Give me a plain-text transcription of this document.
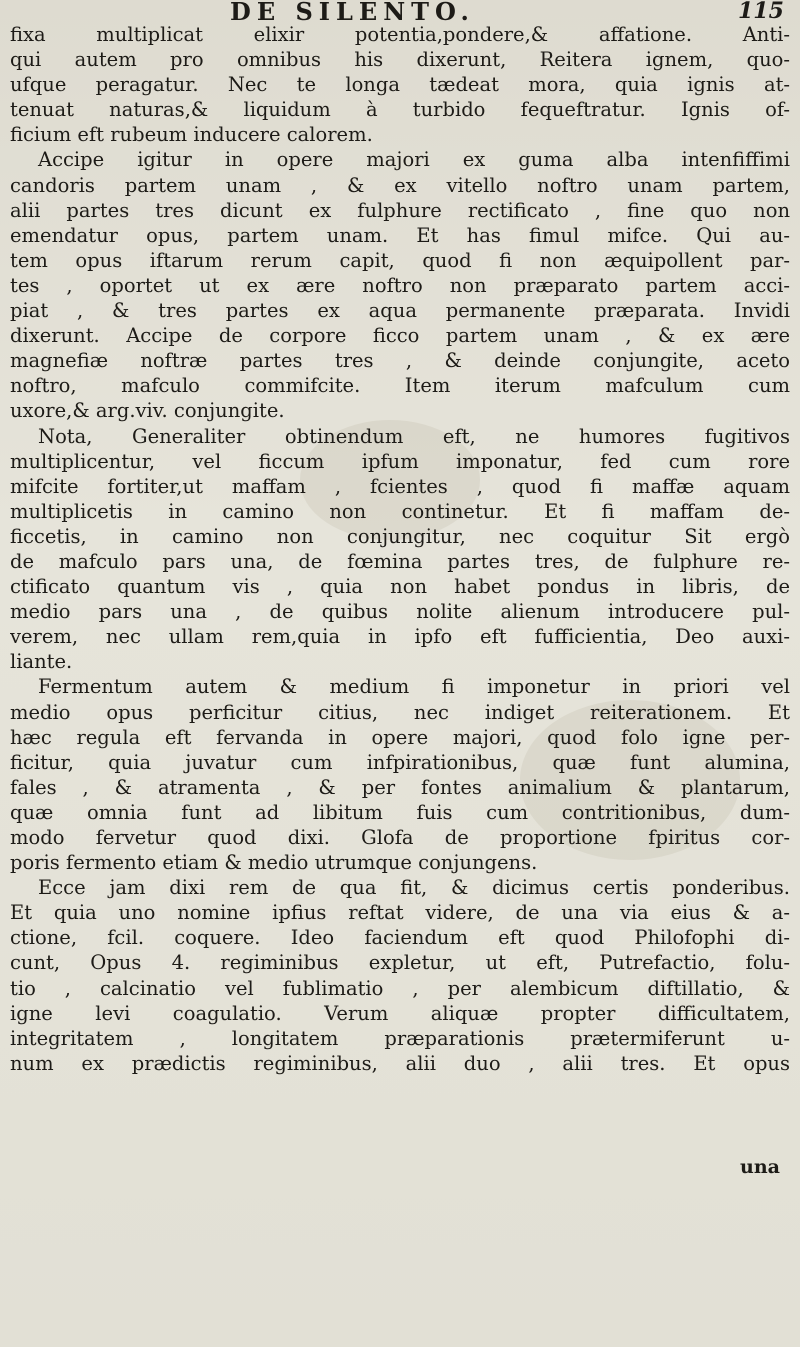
DE SILENTO.	115
fixa multiplicat elixir potentia,pondere,& affatione. Anti-
qui autem pro omnibus his dixerunt, Reitera ignem, quo-
ufque peragatur. Nec te longa tædeat mora, quia ignis at-
tenuat naturas,& liquidum à turbido fequeftratur. Ignis of-
ficium eft rubeum inducere calorem.
Accipe igitur in opere majori ex guma alba intenfiffimi
candoris partem unam , & ex vitello noftro unam partem,
alii partes tres dicunt ex fulphure rectificato , fine quo non
emendatur opus, partem unam. Et has fimul mifce. Qui au-
tem opus iftarum rerum capit, quod fi non æquipollent par-
tes , oportet ut ex ære noftro non præparato partem acci-
piat , & tres partes ex aqua permanente præparata. Invidi
dixerunt. Accipe de corpore ficco partem unam , & ex ære
magnefiæ noftræ partes tres , & deinde conjungite, aceto
noftro, mafculo commifcite. Item iterum mafculum cum
uxore,& arg.viv. conjungite.
Nota, Generaliter obtinendum eft, ne humores fugitivos
multiplicentur, vel ficcum ipfum imponatur, fed cum rore
mifcite fortiter,ut maffam , fcientes , quod fi maffæ aquam
multiplicetis in camino non continetur. Et fi maffam de-
ficcetis, in camino non conjungitur, nec coquitur Sit ergò
de mafculo pars una, de fœmina partes tres, de fulphure re-
ctificato quantum vis , quia non habet pondus in libris, de
medio pars una , de quibus nolite alienum introducere pul-
verem, nec ullam rem,quia in ipfo eft fufficientia, Deo auxi-
liante.
Fermentum autem & medium fi imponetur in priori vel
medio opus perficitur citius, nec indiget reiterationem. Et
hæc regula eft fervanda in opere majori, quod folo igne per-
ficitur, quia juvatur cum infpirationibus, quæ funt alumina,
fales , & atramenta , & per fontes animalium & plantarum,
quæ omnia funt ad libitum fuis cum contritionibus, dum-
modo fervetur quod dixi. Glofa de proportione fpiritus cor-
poris fermento etiam & medio utrumque conjungens.
Ecce jam dixi rem de qua fit, & dicimus certis ponderibus.
Et quia uno nomine ipfius reftat videre, de una via eius & a-
ctione, fcil. coquere. Ideo faciendum eft quod Philofophi di-
cunt, Opus 4. regiminibus expletur, ut eft, Putrefactio, folu-
tio , calcinatio vel fublimatio , per alembicum diftillatio, &
igne levi coagulatio. Verum aliquæ propter difficultatem,
integritatem , longitatem præparationis prætermiferunt u-
num ex prædictis regiminibus, alii duo , alii tres. Et opus
una
